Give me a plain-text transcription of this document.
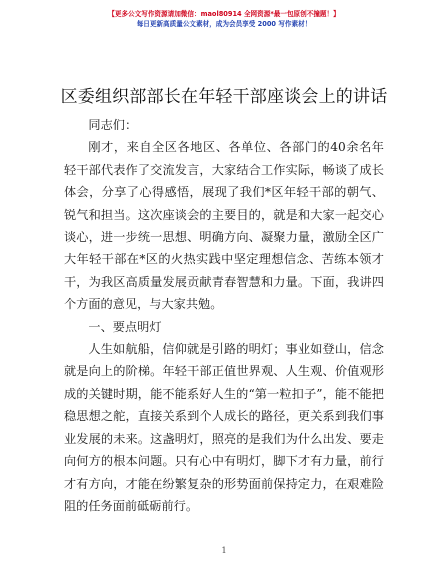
【更多公文写作资源请加微信：maol80914 全网资源*最一包原创不撞题！】
每日更新高质量公文素材，成为会员享受 2000 写作素材！
区委组织部部长在年轻干部座谈会上的讲话

同志们：

刚才，来自全区各地区、各单位、各部门的40余名年轻干部代表作了交流发言，大家结合工作实际，畅谈了成长体会，分享了心得感悟，展现了我们*区年轻干部的朝气、锐气和担当。这次座谈会的主要目的，就是和大家一起交心谈心，进一步统一思想、明确方向、凝聚力量，激励全区广大年轻干部在*区的火热实践中坚定理想信念、苦练本领才干，为我区高质量发展贡献青春智慧和力量。下面，我讲四个方面的意见，与大家共勉。

一、要点明灯

人生如航船，信仰就是引路的明灯；事业如登山，信念就是向上的阶梯。年轻干部正值世界观、人生观、价值观形成的关键时期，能不能系好人生的“第一粒扣子”，能不能把稳思想之舵，直接关系到个人成长的路径，更关系到我们事业发展的未来。这盏明灯，照亮的是我们为什么出发、要走向何方的根本问题。只有心中有明灯，脚下才有力量，前行才有方向，才能在纷繁复杂的形势面前保持定力，在艰难险阻的任务面前砥砺前行。

1
